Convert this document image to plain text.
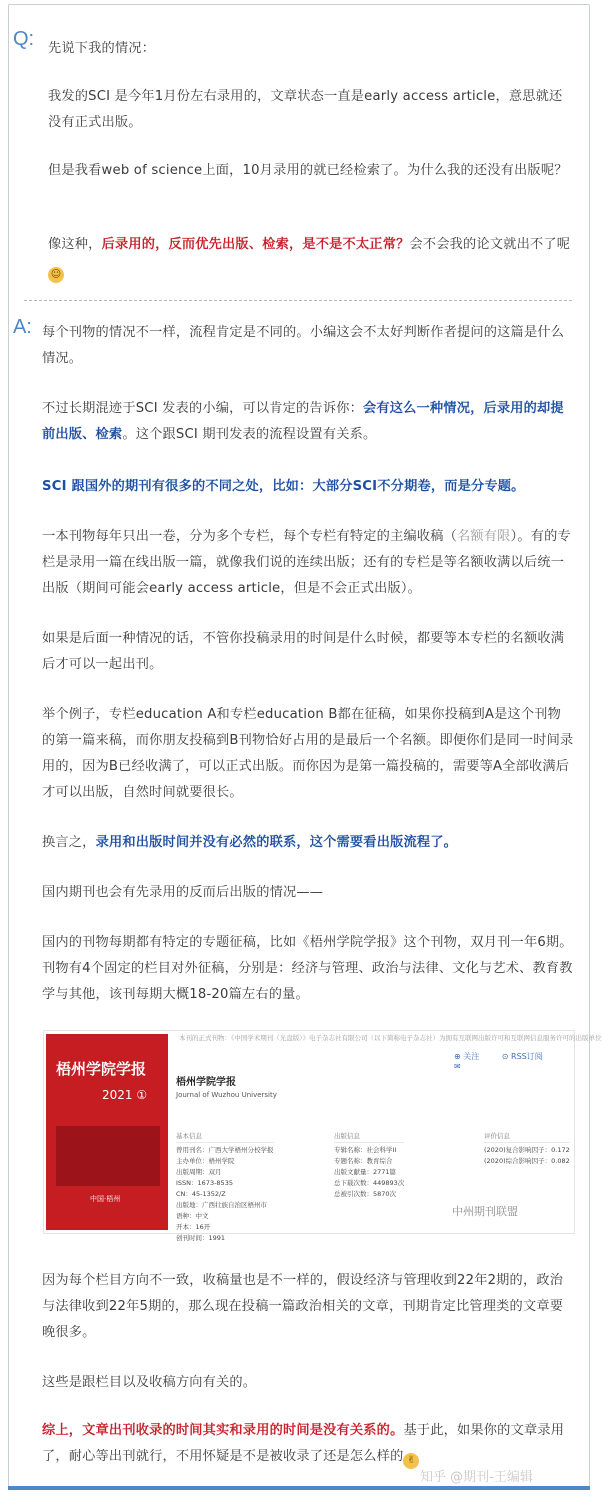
Q: 先说下我的情况：

我发的SCI 是今年1月份左右录用的，文章状态一直是early access article，意思就还没有正式出版。

但是我看web of science上面，10月录用的就已经检索了。为什么我的还没有出版呢？

像这种，后录用的，反而优先出版、检索，是不是不太正常？会不会我的论文就出不了呢☺

A: 每个刊物的情况不一样，流程肯定是不同的。小编这会不太好判断作者提问的这篇是什么情况。

不过长期混迹于SCI 发表的小编，可以肯定的告诉你：会有这么一种情况，后录用的却提前出版、检索。这个跟SCI 期刊发表的流程设置有关系。

SCI 跟国外的期刊有很多的不同之处，比如：大部分SCI不分期卷，而是分专题。

一本刊物每年只出一卷，分为多个专栏，每个专栏有特定的主编收稿（名额有限）。有的专栏是录用一篇在线出版一篇，就像我们说的连续出版；还有的专栏是等名额收满以后统一出版（期间可能会early access article，但是不会正式出版）。

如果是后面一种情况的话，不管你投稿录用的时间是什么时候，都要等本专栏的名额收满后才可以一起出刊。

举个例子，专栏education A和专栏education B都在征稿，如果你投稿到A是这个刊物的第一篇来稿，而你朋友投稿到B刊物恰好占用的是最后一个名额。即便你们是同一时间录用的，因为B已经收满了，可以正式出版。而你因为是第一篇投稿的，需要等A全部收满后才可以出版，自然时间就要很长。

换言之，录用和出版时间并没有必然的联系，这个需要看出版流程了。

国内期刊也会有先录用的反而后出版的情况——

国内的刊物每期都有特定的专题征稿，比如《梧州学院学报》这个刊物，双月刊一年6期。刊物有4个固定的栏目对外征稿，分别是：经济与管理、政治与法律、文化与艺术、教育教学与其他，该刊每期大概18-20篇左右的量。

本刊的正式刊物：《中国学术期刊（光盘版）》电子杂志社有限公司（以下简称电子杂志社）为拥有互联网出版许可和互联网信息服务许可的出版单位
梧州学院学报
2021 ①
中国·梧州
⊕ 关注	⊙ RSS订阅 ✉
梧州学院学报
Journal of Wuzhou University
基本信息
曾用刊名：广西大学梧州分校学报
主办单位：梧州学院
出版周期：双月
ISSN：1673-8535
CN：45-1352/Z
出版地：广西壮族自治区梧州市
语种：中文
开本：16开
创刊时间：1991
出版信息
专辑名称：社会科学II
专题名称：教育综合
出版文献量：2771篇
总下载次数：449893次
总被引次数：5870次
评价信息
(2020)复合影响因子：0.172
(2020)综合影响因子：0.082
中州期刊联盟

因为每个栏目方向不一致，收稿量也是不一样的，假设经济与管理收到22年2期的，政治与法律收到22年5期的，那么现在投稿一篇政治相关的文章，刊期肯定比管理类的文章要晚很多。

这些是跟栏目以及收稿方向有关的。

综上，文章出刊收录的时间其实和录用的时间是没有关系的。基于此，如果你的文章录用了，耐心等出刊就行，不用怀疑是不是被收录了还是怎么样的 ✌

知乎 @期刊-王编辑
